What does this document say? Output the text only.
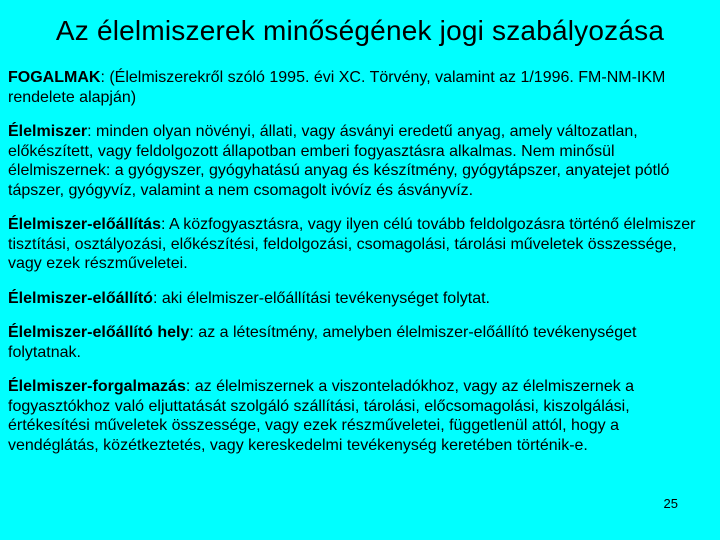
Az élelmiszerek minőségének jogi szabályozása

FOGALMAK: (Élelmiszerekről szóló 1995. évi XC. Törvény, valamint az 1/1996. FM-NM-IKM rendelete alapján)

Élelmiszer: minden olyan növényi, állati, vagy ásványi eredetű anyag, amely változatlan, előkészített, vagy feldolgozott állapotban emberi fogyasztásra alkalmas. Nem minősül élelmiszernek: a gyógyszer, gyógyhatású anyag és készítmény, gyógytápszer, anyatejet pótló tápszer, gyógyvíz, valamint a nem csomagolt ivóvíz és ásványvíz.

Élelmiszer-előállítás: A közfogyasztásra, vagy ilyen célú tovább feldolgozásra történő élelmiszer tisztítási, osztályozási, előkészítési, feldolgozási, csomagolási, tárolási műveletek összessége, vagy ezek részműveletei.

Élelmiszer-előállító: aki élelmiszer-előállítási tevékenységet folytat.

Élelmiszer-előállító hely: az a létesítmény, amelyben élelmiszer-előállító tevékenységet folytatnak.

Élelmiszer-forgalmazás: az élelmiszernek a viszonteladókhoz, vagy az élelmiszernek a fogyasztókhoz való eljuttatását szolgáló szállítási, tárolási, előcsomagolási, kiszolgálási, értékesítési műveletek összessége, vagy ezek részműveletei, függetlenül attól, hogy a vendéglátás, közétkeztetés, vagy kereskedelmi tevékenység keretében történik-e.

25
